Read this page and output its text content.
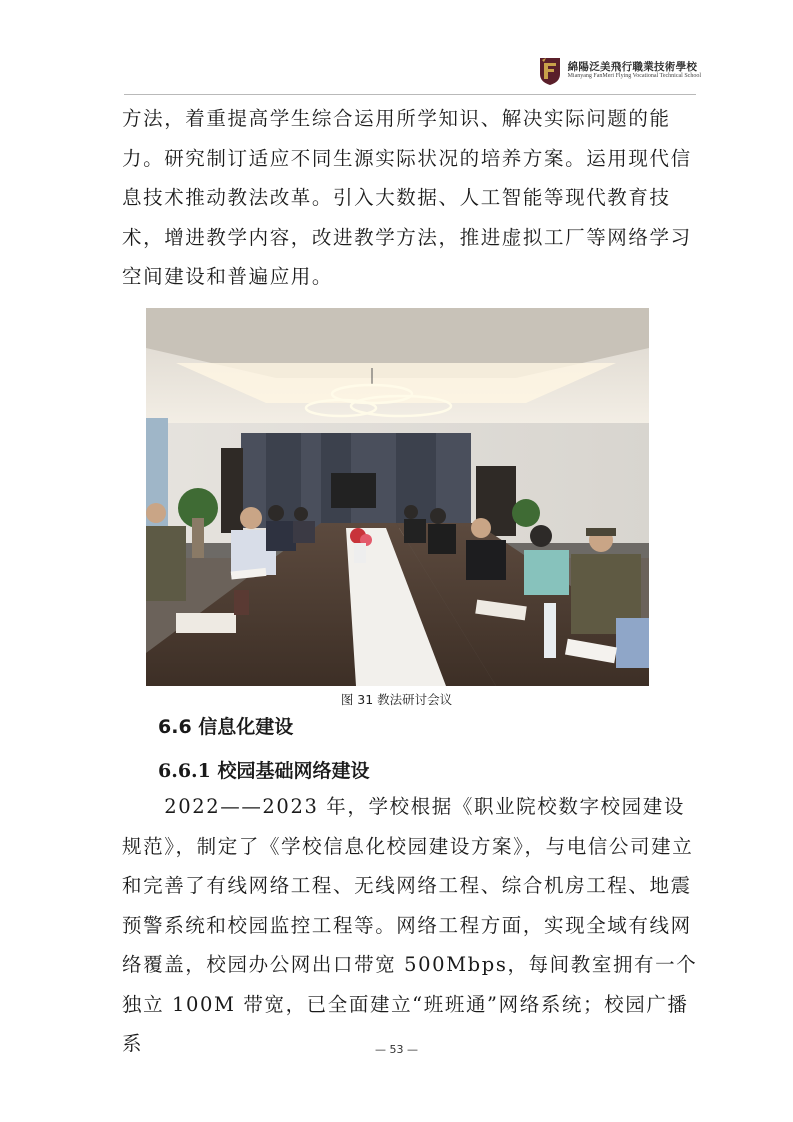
綿陽泛美飛行職業技術學校
Mianyang FanMeri Flying Vocational Technical School

方法，着重提高学生综合运用所学知识、解决实际问题的能力。研究制订适应不同生源实际状况的培养方案。运用现代信息技术推动教法改革。引入大数据、人工智能等现代教育技术，增进教学内容，改进教学方法，推进虚拟工厂等网络学习空间建设和普遍应用。

图 31 教法研讨会议
6.6 信息化建设
6.6.1 校园基础网络建设

　　2022——2023 年，学校根据《职业院校数字校园建设规范》，制定了《学校信息化校园建设方案》，与电信公司建立和完善了有线网络工程、无线网络工程、综合机房工程、地震预警系统和校园监控工程等。网络工程方面，实现全域有线网络覆盖，校园办公网出口带宽 500Mbps，每间教室拥有一个独立 100M 带宽，已全面建立“班班通”网络系统；校园广播系	— 53 —
